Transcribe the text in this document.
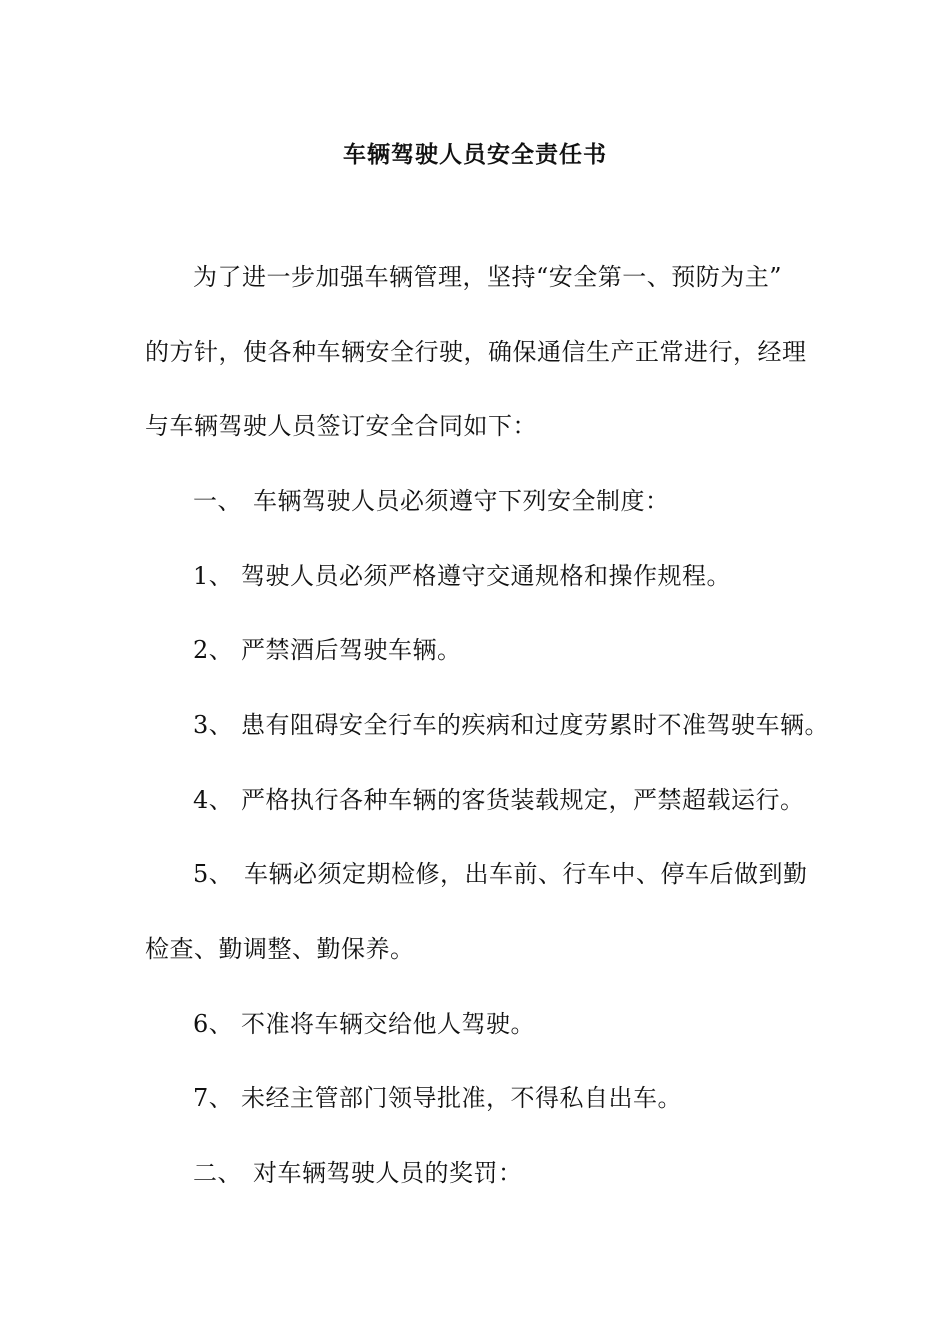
车辆驾驶人员安全责任书
为了进一步加强车辆管理，坚持“安全第一、预防为主”
的方针，使各种车辆安全行驶，确保通信生产正常进行，经理
与车辆驾驶人员签订安全合同如下：
一、 车辆驾驶人员必须遵守下列安全制度：
1、 驾驶人员必须严格遵守交通规格和操作规程。
2、 严禁酒后驾驶车辆。
3、 患有阻碍安全行车的疾病和过度劳累时不准驾驶车辆。
4、 严格执行各种车辆的客货装载规定，严禁超载运行。
5、 车辆必须定期检修，出车前、行车中、停车后做到勤
检查、勤调整、勤保养。
6、 不准将车辆交给他人驾驶。
7、 未经主管部门领导批准，不得私自出车。
二、 对车辆驾驶人员的奖罚：
